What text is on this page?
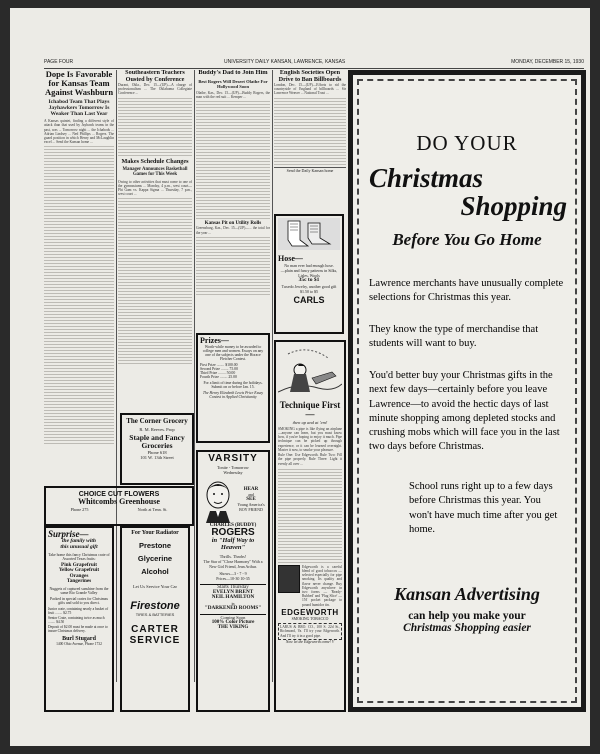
PAGE FOUR	UNIVERSITY DAILY KANSAN, LAWRENCE, KANSAS	MONDAY, DECEMBER 15, 1930
Dope Is Favorable for Kansas Team Against Washburn
Ichabod Team That Plays Jayhawkers Tomorrow Is Weaker Than Last Year
A Kansas quintet, finding a different style of attack than that used by Jayhawk teams in the past, was ... Tomorrow night ... the Ichabods ... Adrian Lindsey ... Ned Phillips ... Rogers. The guard position in which Henry and McLaughlin excel ... Send the Kansan home ...
Southeastern Teachers Ousted by Conference
Durant, Okla., Dec. 15—(UP)—A charge of professionalism ... The Oklahoma Collegiate Conference ...
Makes Schedule Changes
Manager Announces Basketball Games for This Week
Owing to other activities that must come to one of the gymnasiums ... Monday, 4 p.m., west court—Phi Gam vs. Kappa Sigma ... Thursday, 7 p.m., west court ...
Buddy's Dad to Join Him
Best Rogers Will Desert Olathe For Hollywood Soon
Olathe, Kas., Dec. 15—(UP)—Buddy Rogers, the man with the red suit ... Kemper ...
Kansas Pit on Utility Rolls
Greensburg, Kas., Dec. 15—(UP)—... the total for the year ...
English Societies Open Drive to Ban Billboards
London, Dec. 15—(UP)—Efforts to rid the countryside of England of billboards ... Sir Lawrence Weaver ... National Trust ...
Send the Daily Kansan home
The Corner Grocery
R. M. Reeves. Prop
Staple and Fancy
Groceries
Phone 618
101 W. 13th Street
CHOICE CUT FLOWERS
Whitcombs Greenhouse
Phone 275	North at Tenn. St.
Surprise—
the family with
this unusual gift
Take home this fancy Christmas crate of Assorted Texas fruits:
Pink Grapefruit
Yellow Grapefruit
Oranges
Tangerines
Nuggets of captured sunshine from the same Rio Grande Valley
Packed in special crates for Christmas gifts and sold to you direct.
Junior crate, containing nearly a basket of fruit ........ $2.75
Senior Crate, containing twice as much ........ $4.50
Deposit of $2.00 must be made at once to insure Christmas delivery.
Burl Stugard
1400 Ohio Avenue, Phone 1732
For Your Radiator
Prestone
Glycerine
Alcohol
Let Us Service Your Car
Firestone
TIRES & BATTERIES
CARTER
SERVICE
Hose—
No man ever had enough hose.
—plain and fancy patterns in Silks, Lisles, Wools
35c to $1
Tuxedo Jewelry, another good gift
$1.50 to $5
CARLS
Prizes—
Worth-while money to be awarded to college men and women. Essays on any one of the subjects under the Horace Fletcher Contest.
First Prize ........ $100.00
Second Prize ........ 75.00
Third Prize ........ 50.00
Fourth Prize ........ 25.00
For a limit of time during the holidays. Submit on or before Jan. 15.
The Henry Elizabeth Lewis Price Essay Contest in Applied Christianity
VARSITY
Tonite - Tomorrow
Wednesday
HEAR
and
SEE
Young America's BOY FRIEND
CHARLES (BUDDY)
ROGERS
in "Half Way to Heaven"
Thrills. Throbs!
The Star of "Close Harmony" With a New Girl Friend, Jean Arthur.
Shows—3 - 7 - 9
Prices—10-30 10-35
Starts Thursday
EVELYN BRENT
NEIL HAMILTON
in
"DARKENED ROOMS"
Coming Soon
100% Color Picture
THE VIKING
Technique First—
then up and at 'em!
SMOKING a pipe is like flying an airplane—anyone can learn, but you must know how, if you're hoping to enjoy it much. Pipe technique can be picked up through experience, or it can be learned overnight. Master it now, to smoke your pleasure.
Rule One: Use Edgeworth. Rule Two: Fill the pipe properly. Rule Three: Light it evenly all over ...
Edgeworth is a careful blend of good tobaccos — selected especially for pipe smoking. Its quality and flavor never change. Buy Edgeworth anywhere in two forms — 'Ready-Rubbed' and 'Plug Slice' — 15¢ pocket package to pound humidor tin.
EDGEWORTH
SMOKING TOBACCO
LARUS & BRO. CO., 100 S. 22d St., Richmond, Va. I'll try your Edgeworth. And I'll try it in a good pipe.
Now let the Edgeworth come! V
DO YOUR
Christmas
Shopping
Before You Go Home
Lawrence merchants have unusually complete selections for Christmas this year.
They know the type of merchandise that students will want to buy.
You'd better buy your Christmas gifts in the next few days—certainly before you leave Lawrence—to avoid the hectic days of last minute shopping among depleted stocks and crushing mobs which will face you in the last two days before Christmas.
School runs right up to a few days before Christmas this year. You won't have much time after you get home.
Kansan Advertising
can help you make your
Christmas Shopping easier
